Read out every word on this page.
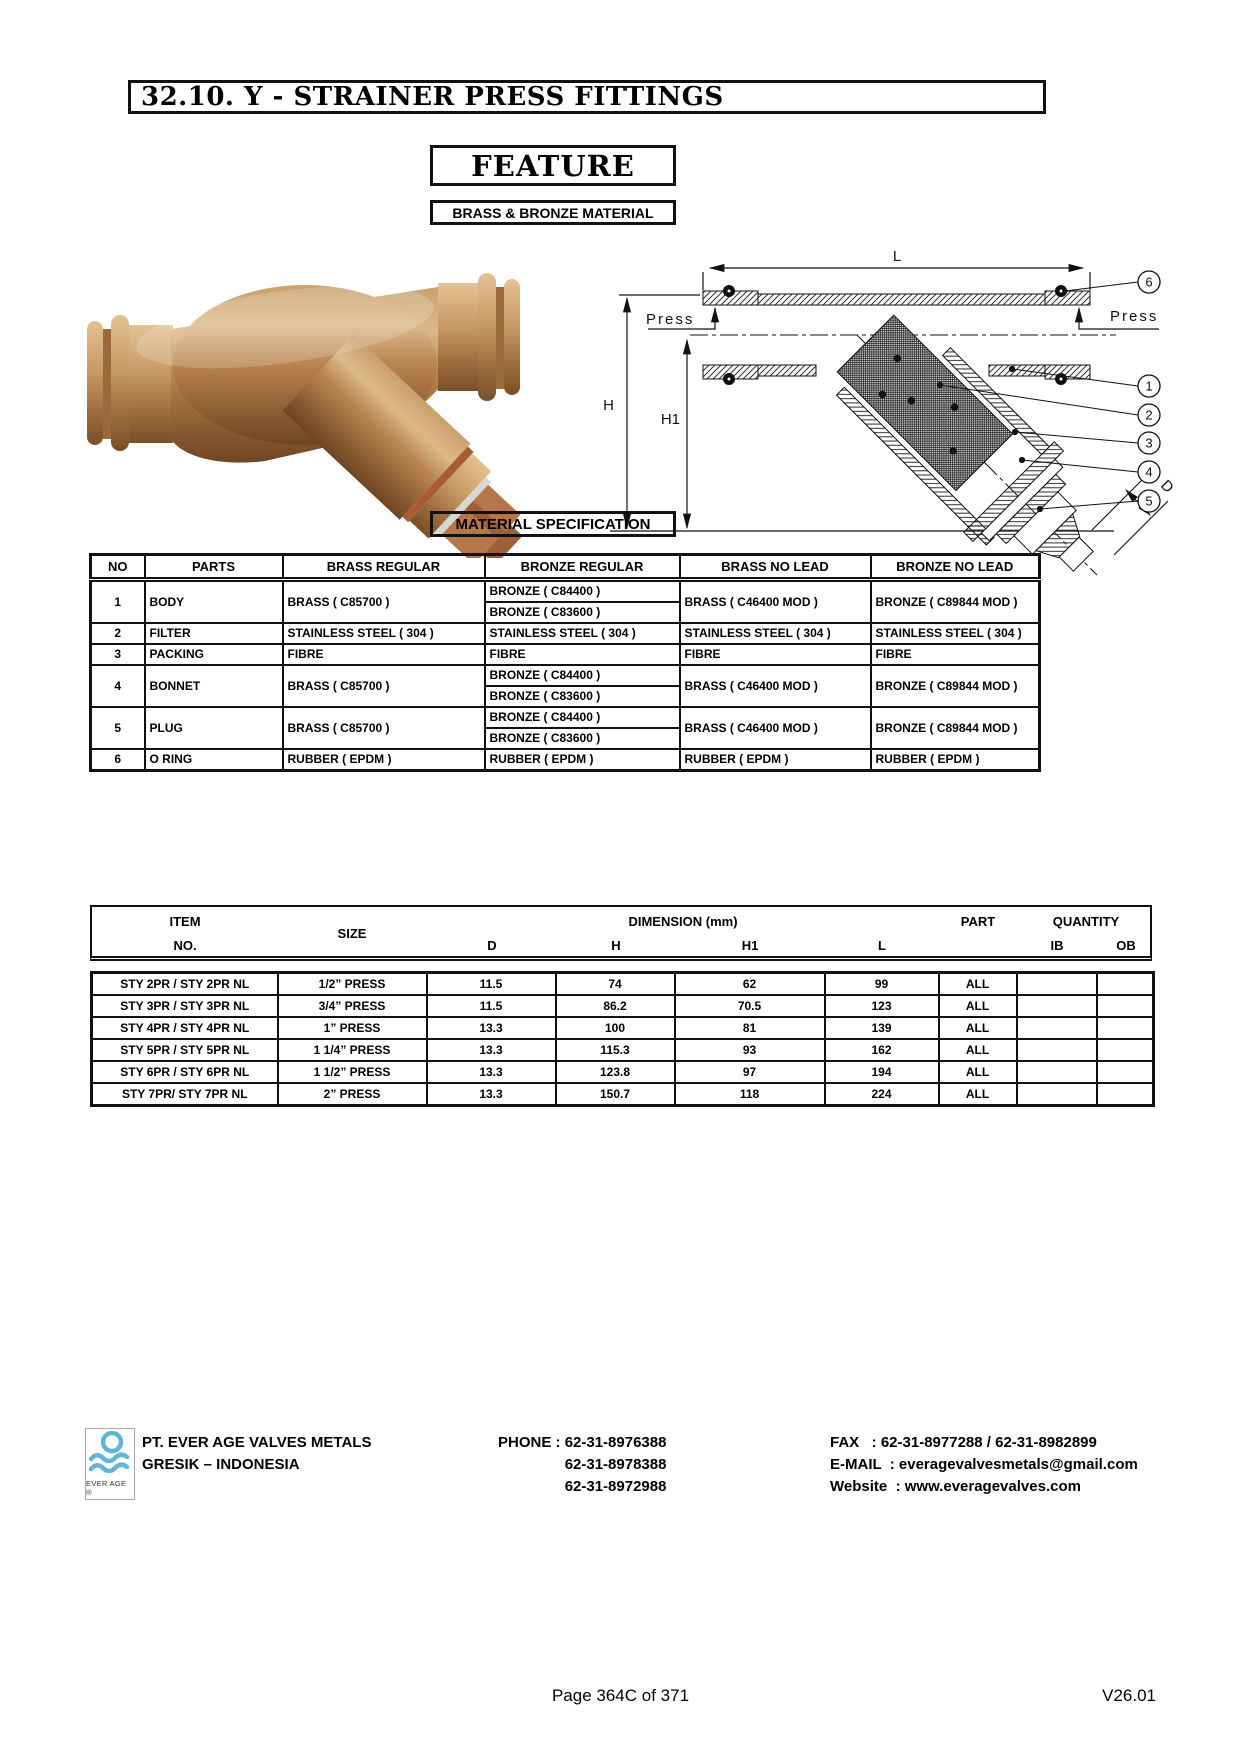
32.10. Y - STRAINER PRESS FITTINGS
FEATURE
BRASS & BRONZE MATERIAL
6
1
2
3
4
5
L
H
H1
Press	Press
D
MATERIAL SPECIFICATION
NO	PARTS	BRASS REGULAR	BRONZE REGULAR	BRASS NO LEAD	BRONZE NO LEAD
1	BODY	BRASS ( C85700 )	BRONZE ( C84400 )	BRASS ( C46400 MOD )	BRONZE ( C89844 MOD )
			BRONZE ( C83600 )		
2	FILTER	STAINLESS STEEL ( 304 )	STAINLESS STEEL ( 304 )	STAINLESS STEEL ( 304 )	STAINLESS STEEL ( 304 )
3	PACKING	FIBRE	FIBRE	FIBRE	FIBRE
4	BONNET	BRASS ( C85700 )	BRONZE ( C84400 )	BRASS ( C46400 MOD )	BRONZE ( C89844 MOD )
			BRONZE ( C83600 )		
5	PLUG	BRASS ( C85700 )	BRONZE ( C84400 )	BRASS ( C46400 MOD )	BRONZE ( C89844 MOD )
			BRONZE ( C83600 )		
6	O RING	RUBBER ( EPDM )	RUBBER ( EPDM )	RUBBER ( EPDM )	RUBBER ( EPDM )
ITEM
NO.
SIZE
DIMENSION (mm)
D	H	H1	L
PART	QUANTITY
IB	OB
STY 2PR / STY 2PR NL	1/2” PRESS	11.5	74	62	99	ALL		
STY 3PR / STY 3PR NL	3/4” PRESS	11.5	86.2	70.5	123	ALL		
STY 4PR / STY 4PR NL	1” PRESS	13.3	100	81	139	ALL		
STY 5PR / STY 5PR NL	1 1/4” PRESS	13.3	115.3	93	162	ALL		
STY 6PR / STY 6PR NL	1 1/2” PRESS	13.3	123.8	97	194	ALL		
STY 7PR/ STY 7PR NL	2” PRESS	13.3	150.7	118	224	ALL		
EVER AGE ®
PT. EVER AGE VALVES METALS
GRESIK – INDONESIA
PHONE : 62-31-8976388
62-31-8978388
62-31-8972988
FAX   : 62-31-8977288 / 62-31-8982899
E-MAIL  : everagevalvesmetals@gmail.com
Website  : www.everagevalves.com
Page 364C of 371	V26.01
